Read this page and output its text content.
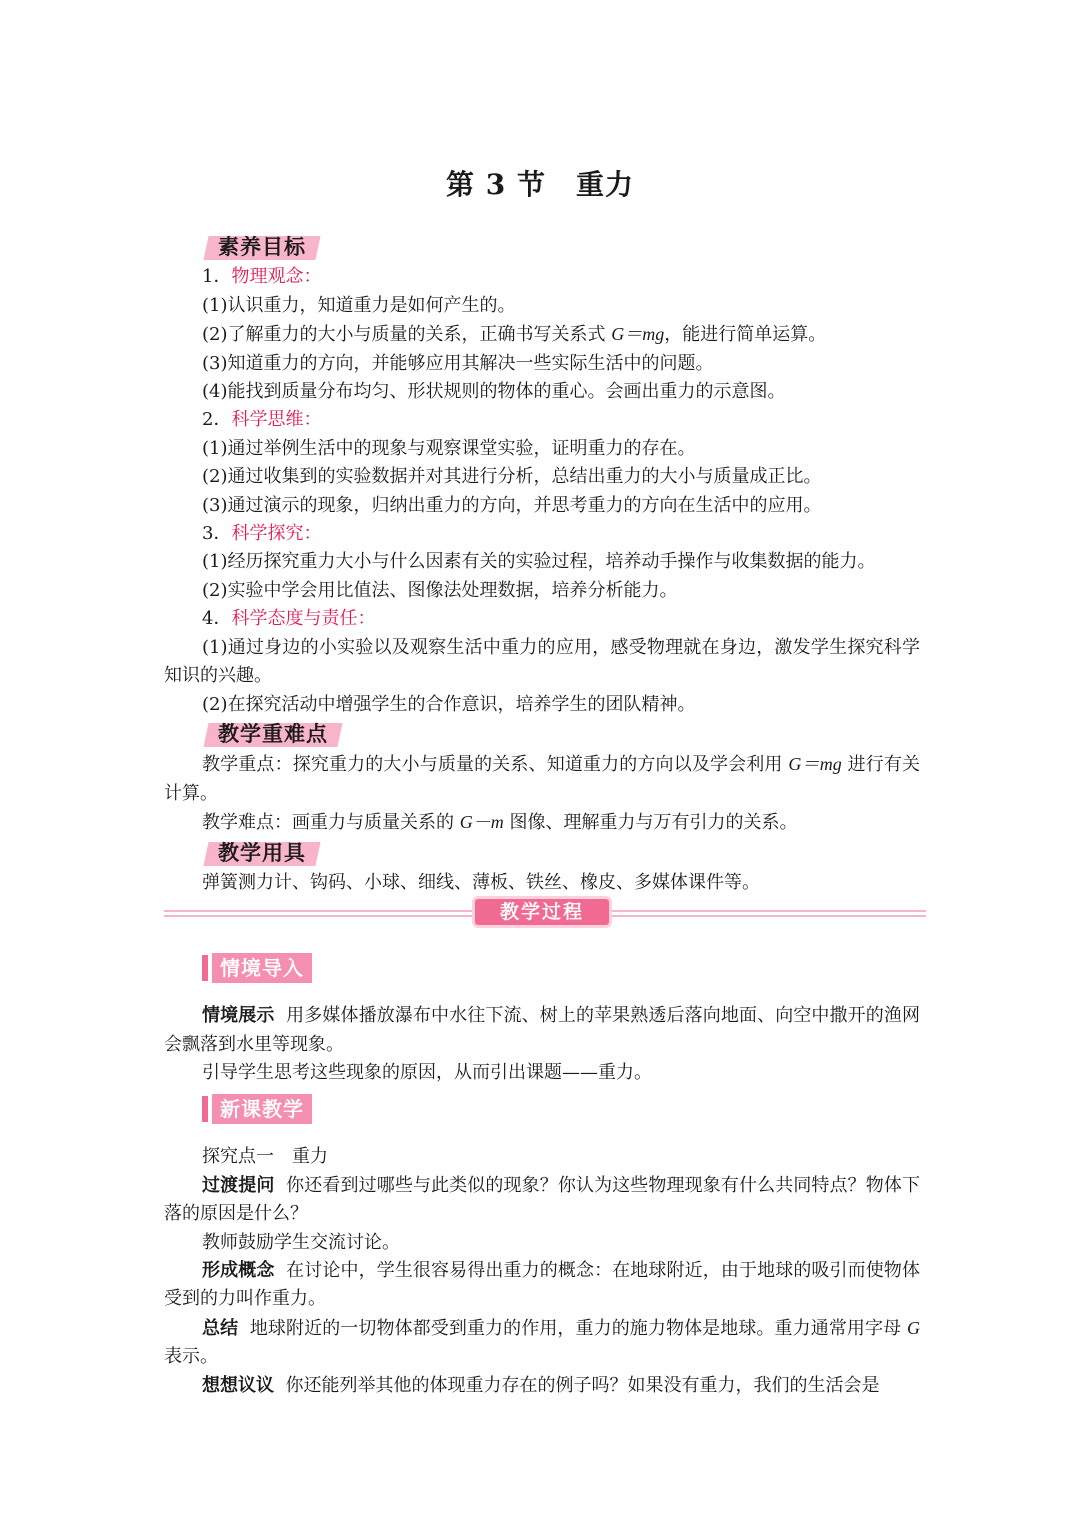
第 3 节 重力
素养目标

1．物理观念：

(1)认识重力，知道重力是如何产生的。

(2)了解重力的大小与质量的关系，正确书写关系式 G＝mg，能进行简单运算。

(3)知道重力的方向，并能够应用其解决一些实际生活中的问题。

(4)能找到质量分布均匀、形状规则的物体的重心。会画出重力的示意图。

2．科学思维：

(1)通过举例生活中的现象与观察课堂实验，证明重力的存在。

(2)通过收集到的实验数据并对其进行分析，总结出重力的大小与质量成正比。

(3)通过演示的现象，归纳出重力的方向，并思考重力的方向在生活中的应用。

3．科学探究：

(1)经历探究重力大小与什么因素有关的实验过程，培养动手操作与收集数据的能力。

(2)实验中学会用比值法、图像法处理数据，培养分析能力。

4．科学态度与责任：

(1)通过身边的小实验以及观察生活中重力的应用，感受物理就在身边，激发学生探究科学知识的兴趣。

(2)在探究活动中增强学生的合作意识，培养学生的团队精神。

教学重难点

教学重点：探究重力的大小与质量的关系、知道重力的方向以及学会利用 G＝mg 进行有关计算。

教学难点：画重力与质量关系的 G－m 图像、理解重力与万有引力的关系。

教学用具

弹簧测力计、钩码、小球、细线、薄板、铁丝、橡皮、多媒体课件等。

教学过程
情境导入

情境展示 用多媒体播放瀑布中水往下流、树上的苹果熟透后落向地面、向空中撒开的渔网会飘落到水里等现象。

引导学生思考这些现象的原因，从而引出课题——重力。

新课教学

探究点一　重力

过渡提问 你还看到过哪些与此类似的现象？你认为这些物理现象有什么共同特点？物体下落的原因是什么？

教师鼓励学生交流讨论。

形成概念 在讨论中，学生很容易得出重力的概念：在地球附近，由于地球的吸引而使物体受到的力叫作重力。

总结 地球附近的一切物体都受到重力的作用，重力的施力物体是地球。重力通常用字母 G 表示。

想想议议 你还能列举其他的体现重力存在的例子吗？如果没有重力，我们的生活会是
